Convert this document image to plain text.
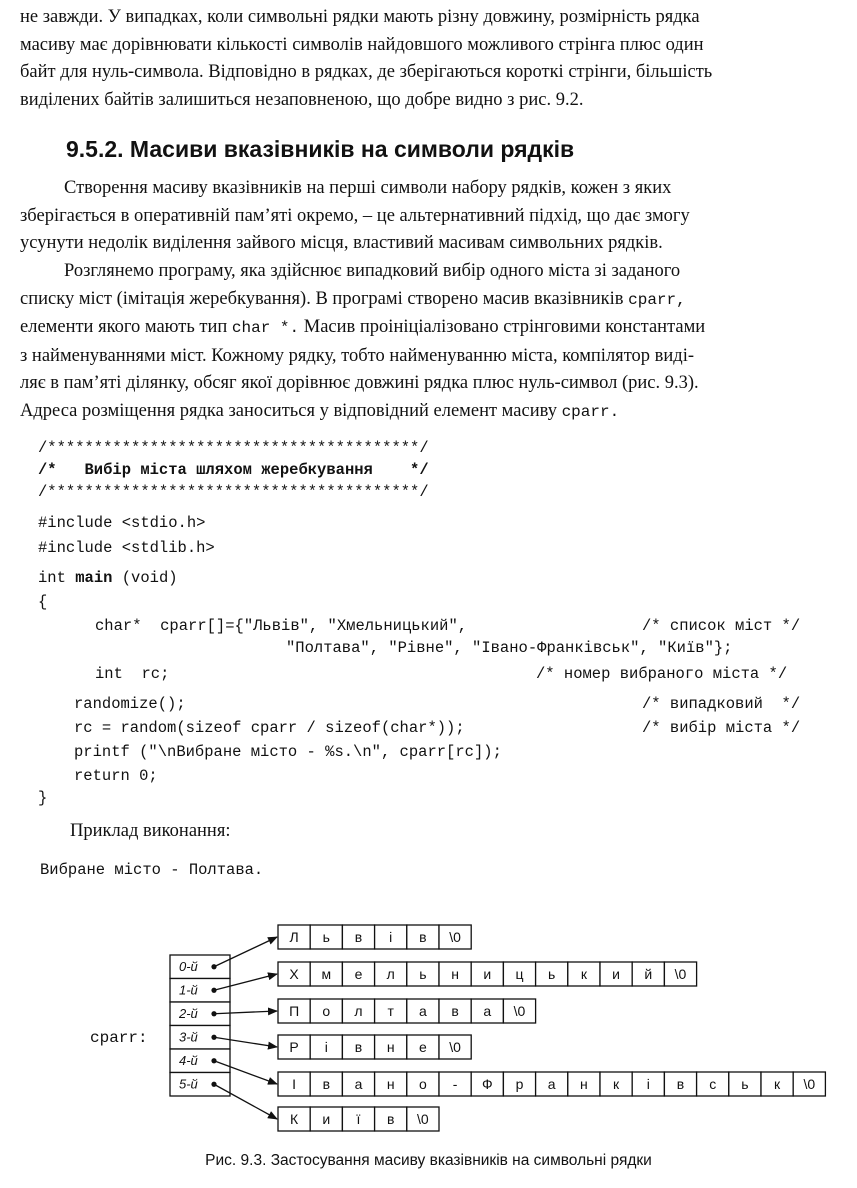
не завжди. У випадках, коли символьні рядки мають різну довжину, розмірність рядка
масиву має дорівнювати кількості символів найдовшого можливого стрінга плюс один
байт для нуль-символа. Відповідно в рядках, де зберігаються короткі стрінги, більшість
виділених байтів залишиться незаповненою, що добре видно з рис. 9.2.
9.5.2. Масиви вказівників на символи рядків
Створення масиву вказівників на перші символи набору рядків, кожен з яких
зберігається в оперативній пам’яті окремо, – це альтернативний підхід, що дає змогу
усунути недолік виділення зайвого місця, властивий масивам символьних рядків.
Розглянемо програму, яка здійснює випадковий вибір одного міста зі заданого
списку міст (імітація жеребкування). В програмі створено масив вказівників cparr,
елементи якого мають тип char *. Масив проініціалізовано стрінговими константами
з найменуваннями міст. Кожному рядку, тобто найменуванню міста, компілятор виді-
ляє в пам’яті ділянку, обсяг якої дорівнює довжині рядка плюс нуль-символ (рис. 9.3).
Адреса розміщення рядка заноситься у відповідний елемент масиву cparr.
/****************************************/
/*   Вибір міста шляхом жеребкування    */
/****************************************/
#include <stdio.h>
#include <stdlib.h>
int main (void)
{
char*  cparr[]={"Львів", "Хмельницький",	/* список міст */
"Полтава", "Рівне", "Івано-Франківськ", "Київ"};
int  rc;	/* номер вибраного міста */
randomize();	/* випадковий  */
rc = random(sizeof cparr / sizeof(char*));	/* вибір міста */
printf ("\nВибране місто - %s.\n", cparr[rc]);
return 0;
}
Приклад виконання:
Вибране місто - Полтава.
cparr:
0-й
1-й
2-й
3-й
4-й
5-й
Л ь в і в \0
Х м е л ь н и ц ь к и й \0
П о л т а в а \0
Р і в н е \0
І в а н о - Ф р а н к і в с ь к \0
К и ї в \0
Рис. 9.3. Застосування масиву вказівників на символьні рядки
